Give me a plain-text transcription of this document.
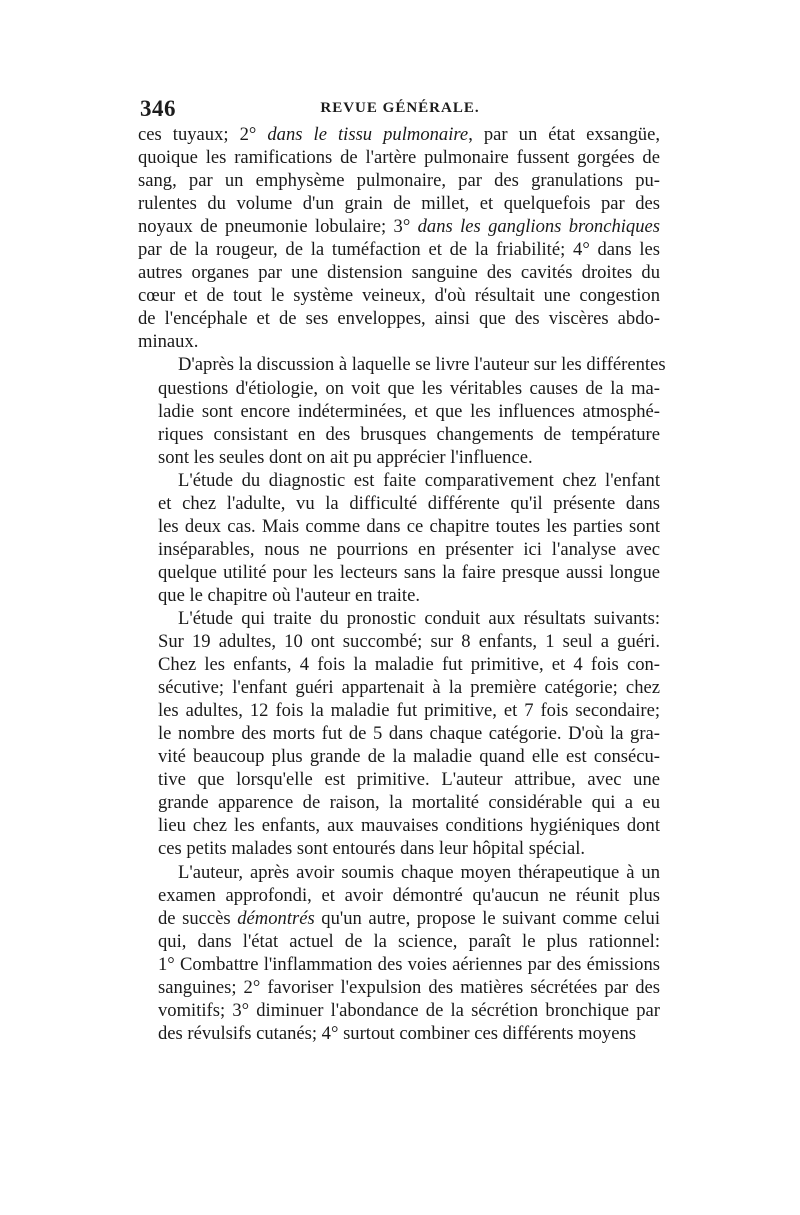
346	REVUE GÉNÉRALE.
ces tuyaux; 2° dans le tissu pulmonaire, par un état exsangüe,
quoique les ramifications de l'artère pulmonaire fussent gorgées de
sang, par un emphysème pulmonaire, par des granulations pu-
rulentes du volume d'un grain de millet, et quelquefois par des
noyaux de pneumonie lobulaire; 3° dans les ganglions bronchiques
par de la rougeur, de la tuméfaction et de la friabilité; 4° dans les
autres organes par une distension sanguine des cavités droites du
cœur et de tout le système veineux, d'où résultait une congestion
de l'encéphale et de ses enveloppes, ainsi que des viscères abdo-
minaux.
D'après la discussion à laquelle se livre l'auteur sur les différentes
questions d'étiologie, on voit que les véritables causes de la ma-
ladie sont encore indéterminées, et que les influences atmosphé-
riques consistant en des brusques changements de température
sont les seules dont on ait pu apprécier l'influence.
L'étude du diagnostic est faite comparativement chez l'enfant
et chez l'adulte, vu la difficulté différente qu'il présente dans
les deux cas. Mais comme dans ce chapitre toutes les parties sont
inséparables, nous ne pourrions en présenter ici l'analyse avec
quelque utilité pour les lecteurs sans la faire presque aussi longue
que le chapitre où l'auteur en traite.
L'étude qui traite du pronostic conduit aux résultats suivants:
Sur 19 adultes, 10 ont succombé; sur 8 enfants, 1 seul a guéri.
Chez les enfants, 4 fois la maladie fut primitive, et 4 fois con-
sécutive; l'enfant guéri appartenait à la première catégorie; chez
les adultes, 12 fois la maladie fut primitive, et 7 fois secondaire;
le nombre des morts fut de 5 dans chaque catégorie. D'où la gra-
vité beaucoup plus grande de la maladie quand elle est consécu-
tive que lorsqu'elle est primitive. L'auteur attribue, avec une
grande apparence de raison, la mortalité considérable qui a eu
lieu chez les enfants, aux mauvaises conditions hygiéniques dont
ces petits malades sont entourés dans leur hôpital spécial.
L'auteur, après avoir soumis chaque moyen thérapeutique à un
examen approfondi, et avoir démontré qu'aucun ne réunit plus
de succès démontrés qu'un autre, propose le suivant comme celui
qui, dans l'état actuel de la science, paraît le plus rationnel:
1° Combattre l'inflammation des voies aériennes par des émissions
sanguines; 2° favoriser l'expulsion des matières sécrétées par des
vomitifs; 3° diminuer l'abondance de la sécrétion bronchique par
des révulsifs cutanés; 4° surtout combiner ces différents moyens
